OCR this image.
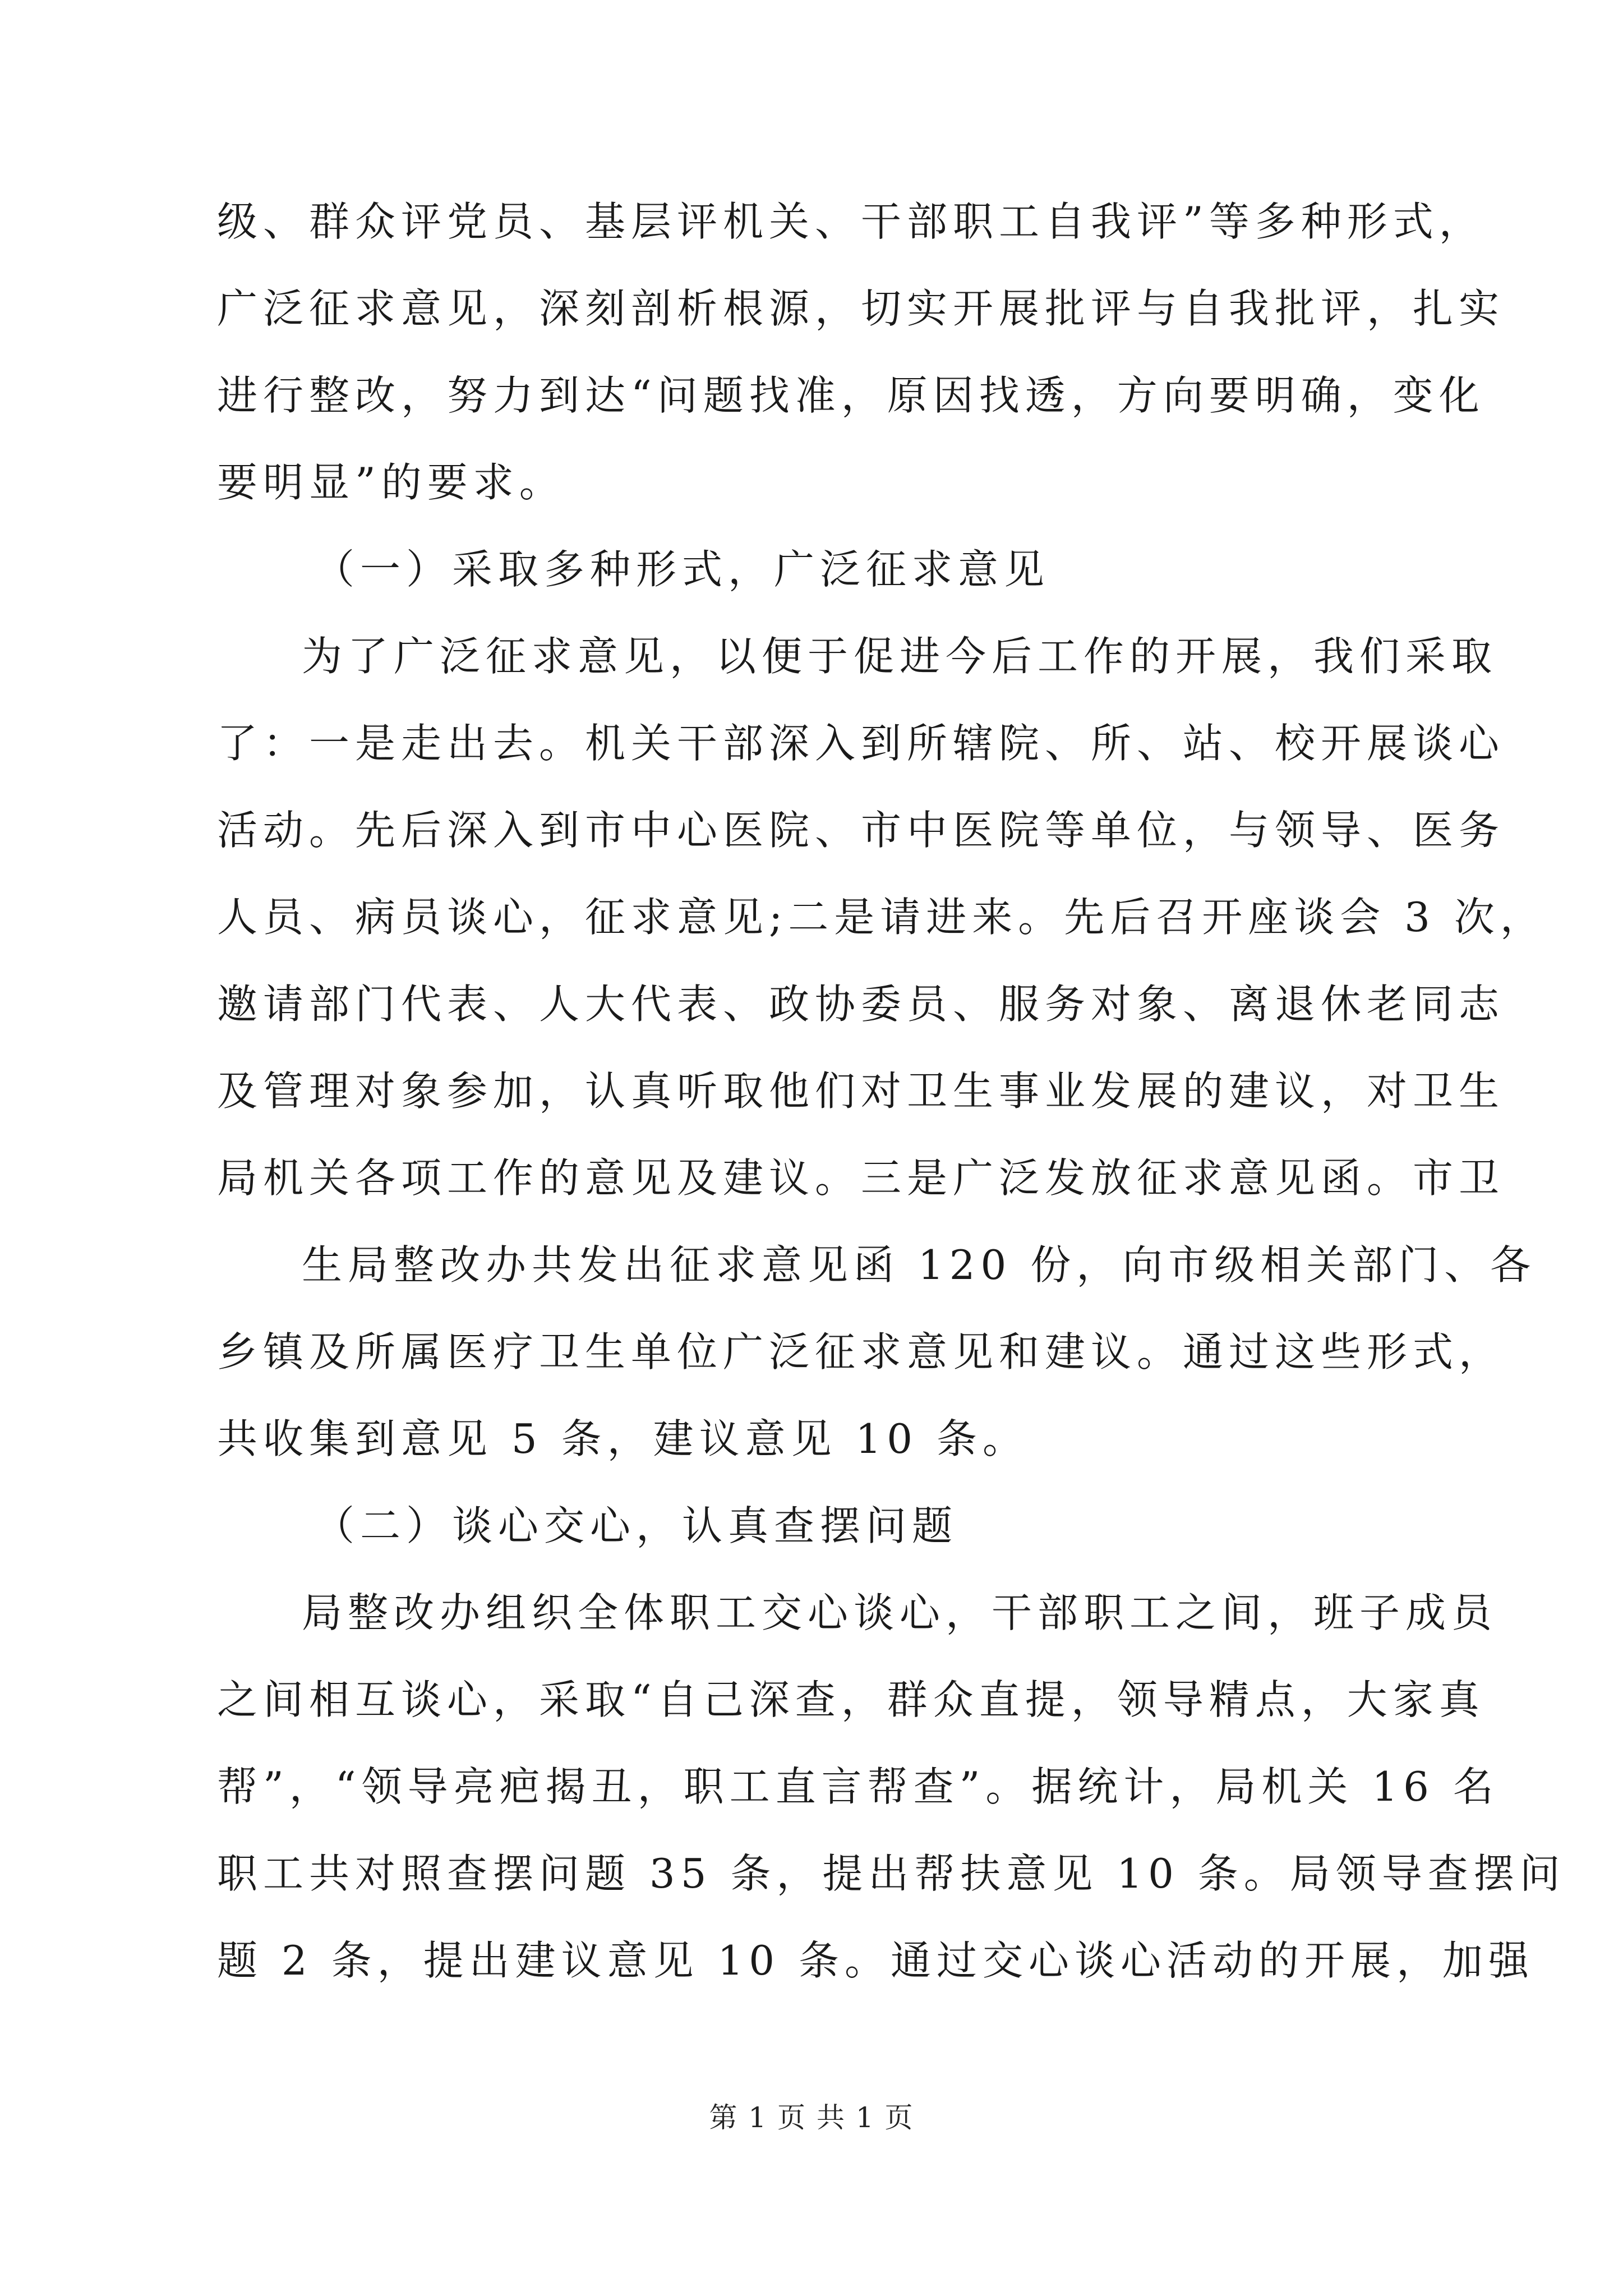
级、群众评党员、基层评机关、干部职工自我评”等多种形式，
广泛征求意见，深刻剖析根源，切实开展批评与自我批评，扎实
进行整改，努力到达“问题找准，原因找透，方向要明确，变化
要明显”的要求。
（一）采取多种形式，广泛征求意见
为了广泛征求意见，以便于促进今后工作的开展，我们采取
了：一是走出去。机关干部深入到所辖院、所、站、校开展谈心
活动。先后深入到市中心医院、市中医院等单位，与领导、医务
人员、病员谈心，征求意见;二是请进来。先后召开座谈会 3 次，
邀请部门代表、人大代表、政协委员、服务对象、离退休老同志
及管理对象参加，认真听取他们对卫生事业发展的建议，对卫生
局机关各项工作的意见及建议。三是广泛发放征求意见函。市卫
生局整改办共发出征求意见函 120 份，向市级相关部门、各
乡镇及所属医疗卫生单位广泛征求意见和建议。通过这些形式，
共收集到意见 5 条，建议意见 10 条。
（二）谈心交心，认真查摆问题
局整改办组织全体职工交心谈心，干部职工之间，班子成员
之间相互谈心，采取“自己深查，群众直提，领导精点，大家真
帮”，“领导亮疤揭丑，职工直言帮查”。据统计，局机关 16 名
职工共对照查摆问题 35 条，提出帮扶意见 10 条。局领导查摆问
题 2 条，提出建议意见 10 条。通过交心谈心活动的开展，加强
第 1 页 共 1 页
